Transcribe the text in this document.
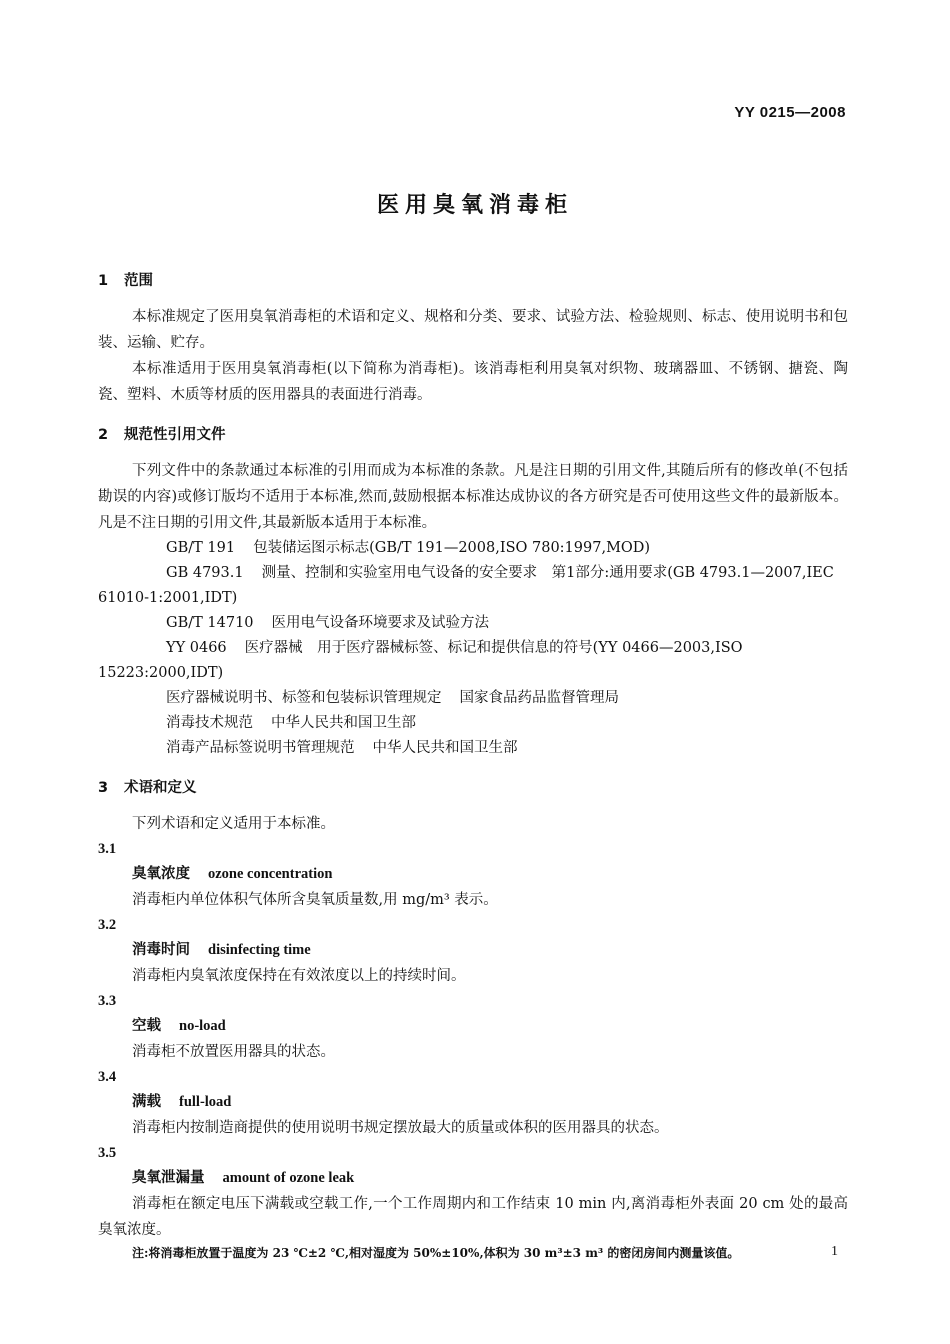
YY 0215—2008
医用臭氧消毒柜
1 范围

本标准规定了医用臭氧消毒柜的术语和定义、规格和分类、要求、试验方法、检验规则、标志、使用说明书和包装、运输、贮存。

本标准适用于医用臭氧消毒柜(以下简称为消毒柜)。该消毒柜利用臭氧对织物、玻璃器皿、不锈钢、搪瓷、陶瓷、塑料、木质等材质的医用器具的表面进行消毒。

2 规范性引用文件

下列文件中的条款通过本标准的引用而成为本标准的条款。凡是注日期的引用文件,其随后所有的修改单(不包括勘误的内容)或修订版均不适用于本标准,然而,鼓励根据本标准达成协议的各方研究是否可使用这些文件的最新版本。凡是不注日期的引用文件,其最新版本适用于本标准。

GB/T 191 包装储运图示标志(GB/T 191—2008,ISO 780:1997,MOD)
GB 4793.1 测量、控制和实验室用电气设备的安全要求　第1部分:通用要求(GB 4793.1—2007,IEC 61010-1:2001,IDT)
GB/T 14710 医用电气设备环境要求及试验方法
YY 0466 医疗器械　用于医疗器械标签、标记和提供信息的符号(YY 0466—2003,ISO 15223:2000,IDT)
医疗器械说明书、标签和包装标识管理规定 国家食品药品监督管理局
消毒技术规范 中华人民共和国卫生部
消毒产品标签说明书管理规范 中华人民共和国卫生部
3 术语和定义

下列术语和定义适用于本标准。

3.1
臭氧浓度 ozone concentration

消毒柜内单位体积气体所含臭氧质量数,用 mg/m³ 表示。

3.2
消毒时间 disinfecting time

消毒柜内臭氧浓度保持在有效浓度以上的持续时间。

3.3
空载 no-load

消毒柜不放置医用器具的状态。

3.4
满载 full-load

消毒柜内按制造商提供的使用说明书规定摆放最大的质量或体积的医用器具的状态。

3.5
臭氧泄漏量 amount of ozone leak

消毒柜在额定电压下满载或空载工作,一个工作周期内和工作结束 10 min 内,离消毒柜外表面 20 cm 处的最高臭氧浓度。

注:将消毒柜放置于温度为 23 ℃±2 ℃,相对湿度为 50%±10%,体积为 30 m³±3 m³ 的密闭房间内测量该值。	1
